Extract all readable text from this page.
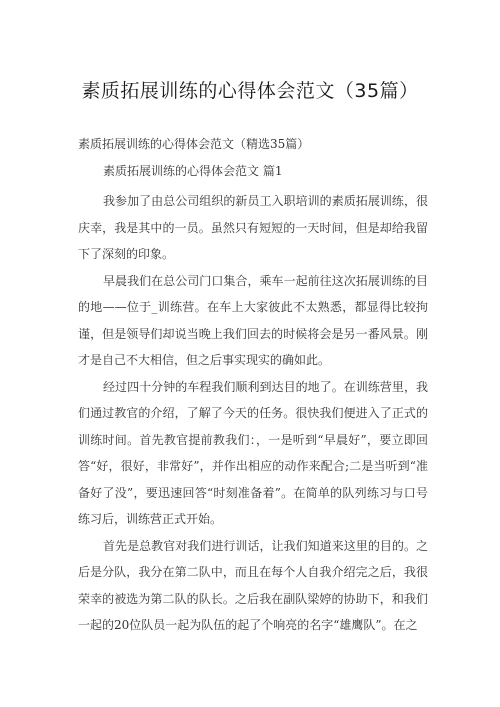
素质拓展训练的心得体会范文（35篇）
素质拓展训练的心得体会范文（精选35篇）
素质拓展训练的心得体会范文 篇1

我参加了由总公司组织的新员工入职培训的素质拓展训练，很庆幸，我是其中的一员。虽然只有短短的一天时间，但是却给我留下了深刻的印象。

早晨我们在总公司门口集合，乘车一起前往这次拓展训练的目的地——位于_训练营。在车上大家彼此不太熟悉，都显得比较拘谨，但是领导们却说当晚上我们回去的时候将会是另一番风景。刚才是自己不大相信，但之后事实现实的确如此。

经过四十分钟的车程我们顺利到达目的地了。在训练营里，我们通过教官的介绍，了解了今天的任务。很快我们便进入了正式的训练时间。首先教官提前教我们：，一是听到“早晨好”，要立即回答“好，很好，非常好”，并作出相应的动作来配合;二是当听到“准备好了没”，要迅速回答“时刻准备着”。在简单的队列练习与口号练习后，训练营正式开始。

首先是总教官对我们进行训话，让我们知道来这里的目的。之后是分队，我分在第二队中，而且在每个人自我介绍完之后，我很荣幸的被选为第二队的队长。之后我在副队梁婷的协助下，和我们一起的20位队员一起为队伍的起了个响亮的名字“雄鹰队”。在之
